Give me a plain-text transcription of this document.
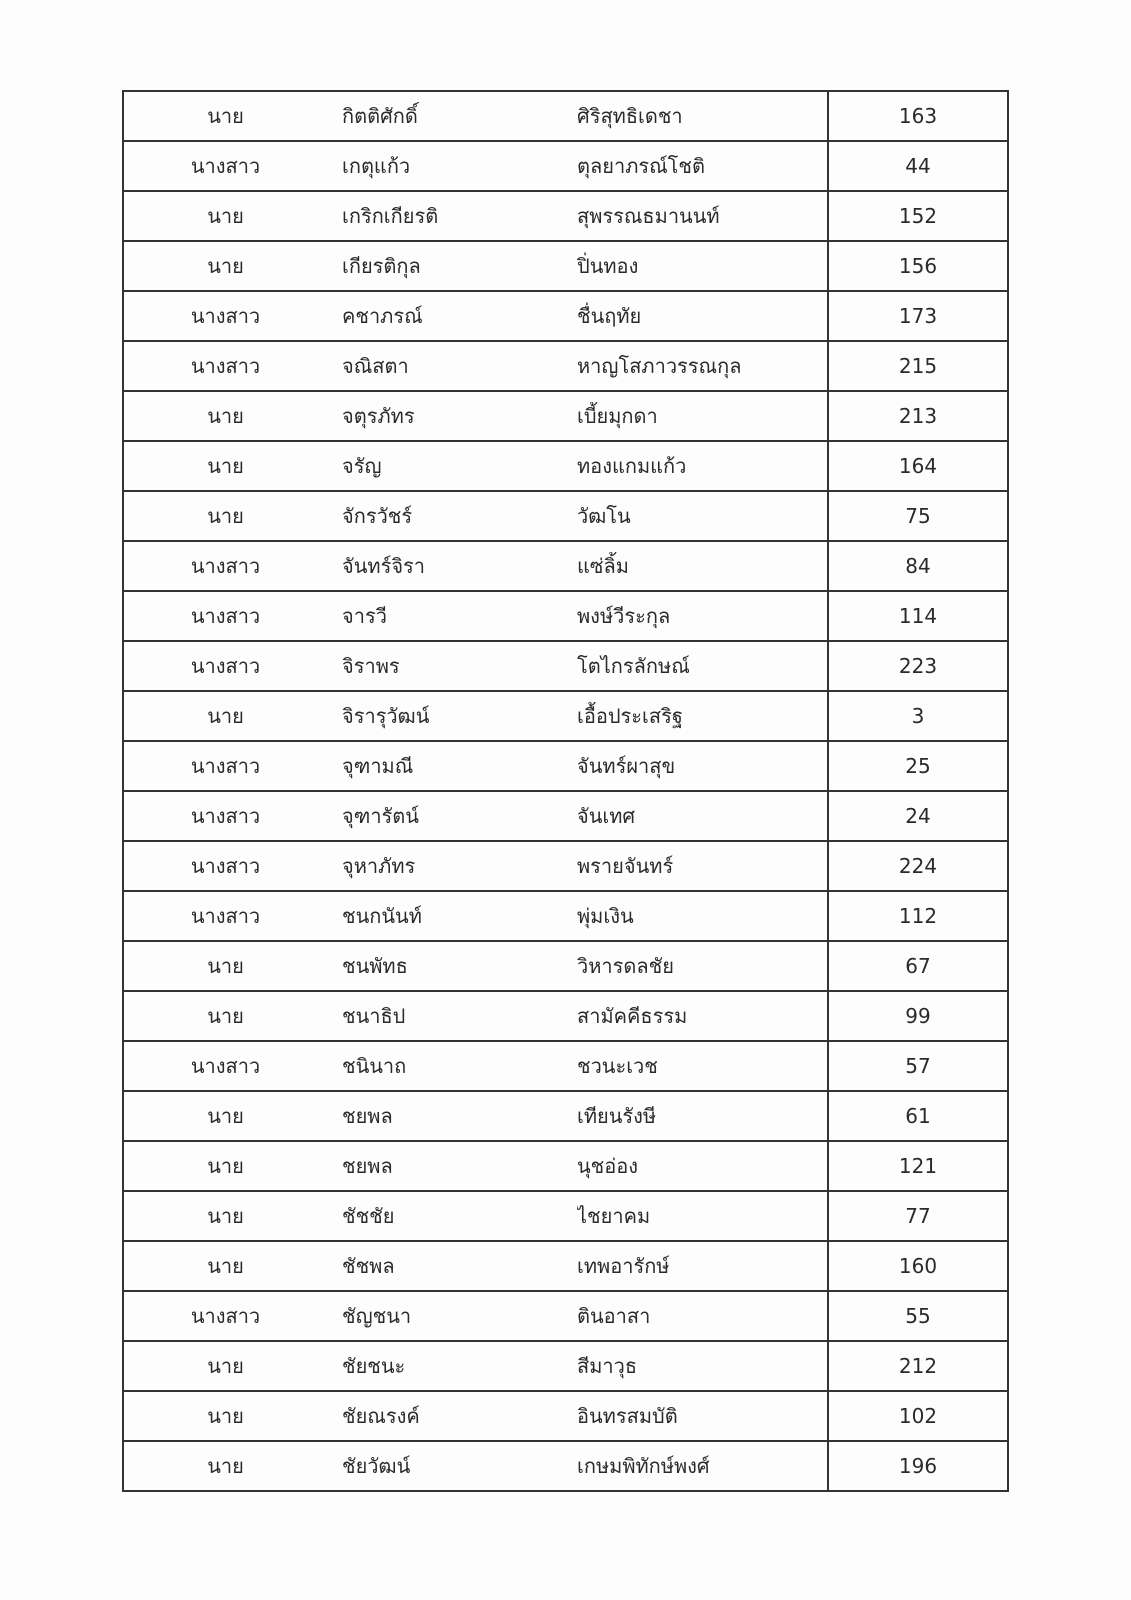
นาย	กิตติศักดิ์	ศิริสุทธิเดชา	163
นางสาว	เกตุแก้ว	ตุลยาภรณ์โชติ	44
นาย	เกริกเกียรติ	สุพรรณธมานนท์	152
นาย	เกียรติกุล	ปิ่นทอง	156
นางสาว	คชาภรณ์	ชื่นฤทัย	173
นางสาว	จณิสตา	หาญโสภาวรรณกุล	215
นาย	จตุรภัทร	เบี้ยมุกดา	213
นาย	จรัญ	ทองแกมแก้ว	164
นาย	จักรวัชร์	วัฒโน	75
นางสาว	จันทร์จิรา	แซ่ลิ้ม	84
นางสาว	จารวี	พงษ์วีระกุล	114
นางสาว	จิราพร	โตไกรลักษณ์	223
นาย	จิรารุวัฒน์	เอื้อประเสริฐ	3
นางสาว	จุฑามณี	จันทร์ผาสุข	25
นางสาว	จุฑารัตน์	จันเทศ	24
นางสาว	จุหาภัทร	พรายจันทร์	224
นางสาว	ชนกนันท์	พุ่มเงิน	112
นาย	ชนพัทธ	วิหารดลชัย	67
นาย	ชนาธิป	สามัคคีธรรม	99
นางสาว	ชนินาถ	ชวนะเวช	57
นาย	ชยพล	เทียนรังษี	61
นาย	ชยพล	นุชอ่อง	121
นาย	ชัชชัย	ไชยาคม	77
นาย	ชัชพล	เทพอารักษ์	160
นางสาว	ชัญชนา	ตินอาสา	55
นาย	ชัยชนะ	สีมาวุธ	212
นาย	ชัยณรงค์	อินทรสมบัติ	102
นาย	ชัยวัฒน์	เกษมพิทักษ์พงศ์	196
